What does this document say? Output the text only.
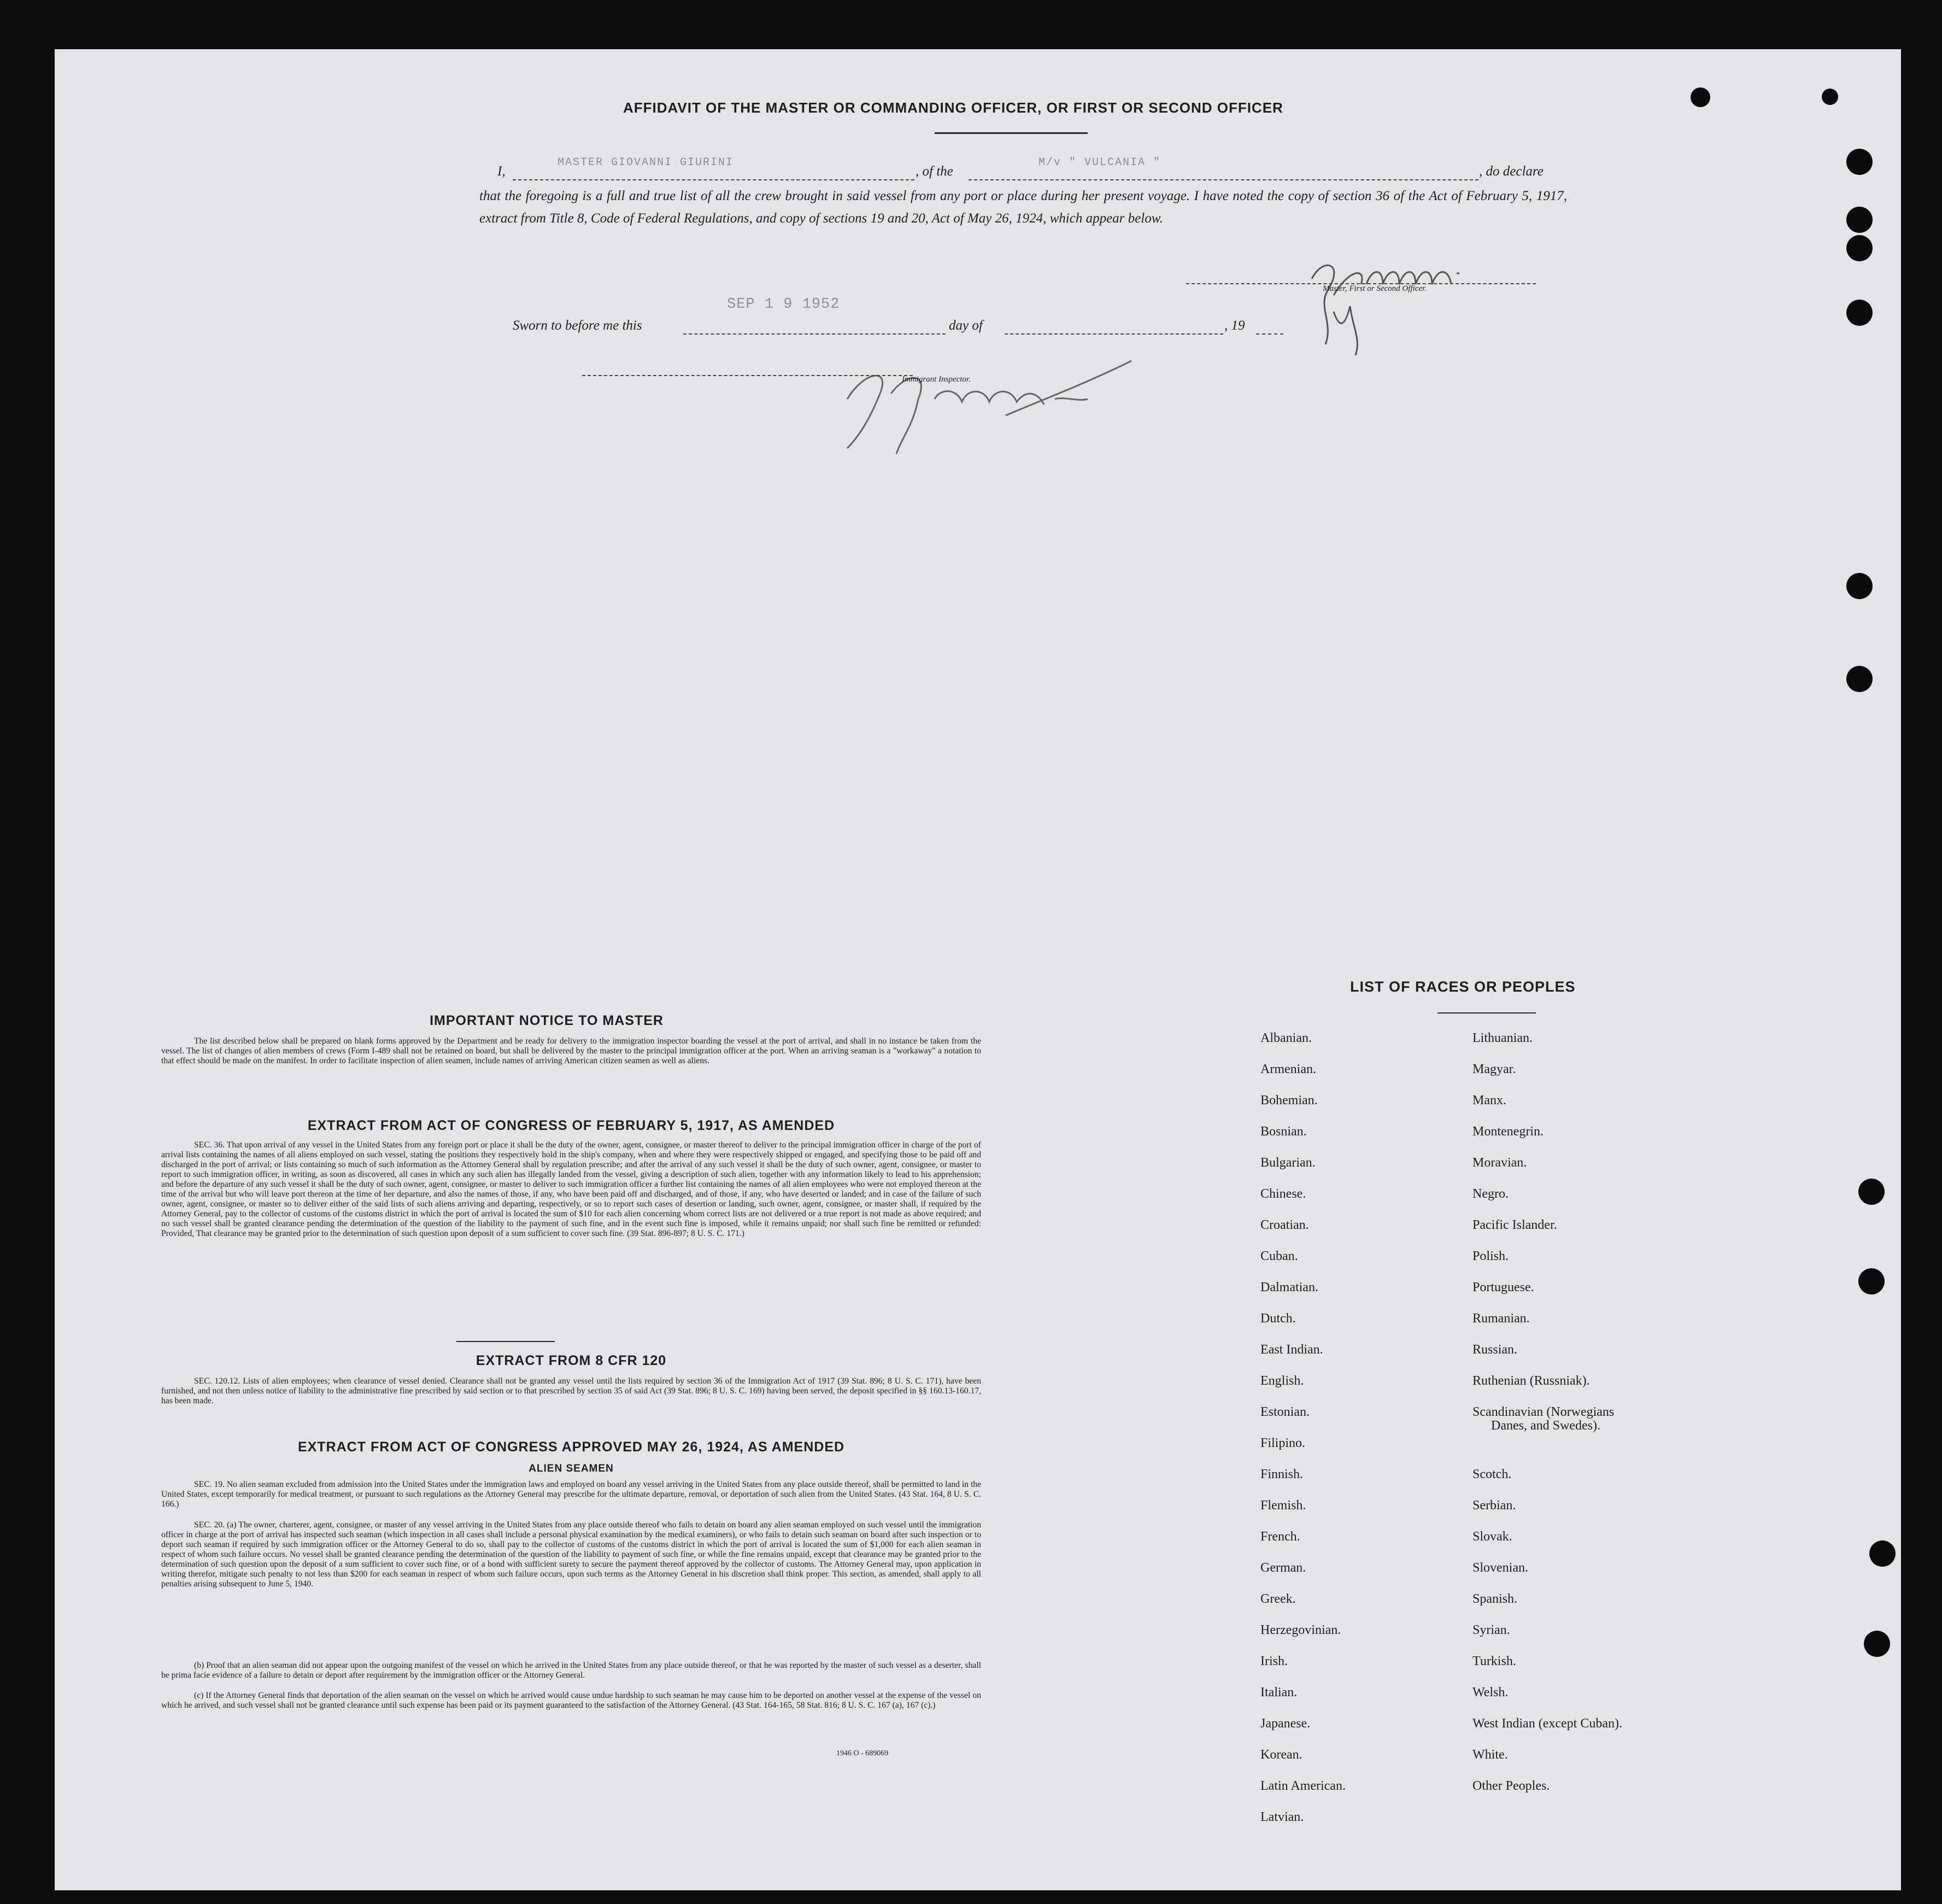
AFFIDAVIT OF THE MASTER OR COMMANDING OFFICER, OR FIRST OR SECOND OFFICER
I,
MASTER GIOVANNI GIURINI
, of the
M/v " VULCANIA "
, do declare
that the foregoing is a full and true list of all the crew brought in said vessel from any port or place during her present voyage. I have noted the copy of section 36 of the Act of February 5, 1917, extract from Title 8, Code of Federal Regulations, and copy of sections 19 and 20, Act of May 26, 1924, which appear below.
Master, First or Second Officer.
Sworn to before me this
SEP 1 9 1952
day of	, 19
Immigrant Inspector.
IMPORTANT NOTICE TO MASTER
The list described below shall be prepared on blank forms approved by the Department and be ready for delivery to the immigration inspector boarding the vessel at the port of arrival, and shall in no instance be taken from the vessel. The list of changes of alien members of crews (Form I-489 shall not be retained on board, but shall be delivered by the master to the principal immigration officer at the port. When an arriving seaman is a "workaway" a notation to that effect should be made on the manifest. In order to facilitate inspection of alien seamen, include names of arriving American citizen seamen as well as aliens.
EXTRACT FROM ACT OF CONGRESS OF FEBRUARY 5, 1917, AS AMENDED
SEC. 36. That upon arrival of any vessel in the United States from any foreign port or place it shall be the duty of the owner, agent, consignee, or master thereof to deliver to the principal immigration officer in charge of the port of arrival lists containing the names of all aliens employed on such vessel, stating the positions they respectively hold in the ship's company, when and where they were respectively shipped or engaged, and specifying those to be paid off and discharged in the port of arrival; or lists containing so much of such information as the Attorney General shall by regulation prescribe; and after the arrival of any such vessel it shall be the duty of such owner, agent, consignee, or master to report to such immigration officer, in writing, as soon as discovered, all cases in which any such alien has illegally landed from the vessel, giving a description of such alien, together with any information likely to lead to his apprehension; and before the departure of any such vessel it shall be the duty of such owner, agent, consignee, or master to deliver to such immigration officer a further list containing the names of all alien employees who were not employed thereon at the time of the arrival but who will leave port thereon at the time of her departure, and also the names of those, if any, who have been paid off and discharged, and of those, if any, who have deserted or landed; and in case of the failure of such owner, agent, consignee, or master so to deliver either of the said lists of such aliens arriving and departing, respectively, or so to report such cases of desertion or landing, such owner, agent, consignee, or master shall, if required by the Attorney General, pay to the collector of customs of the customs district in which the port of arrival is located the sum of $10 for each alien concerning whom correct lists are not delivered or a true report is not made as above required; and no such vessel shall be granted clearance pending the determination of the question of the liability to the payment of such fine, and in the event such fine is imposed, while it remains unpaid; nor shall such fine be remitted or refunded: Provided, That clearance may be granted prior to the determination of such question upon deposit of a sum sufficient to cover such fine. (39 Stat. 896-897; 8 U. S. C. 171.)
EXTRACT FROM 8 CFR 120
SEC. 120.12. Lists of alien employees; when clearance of vessel denied. Clearance shall not be granted any vessel until the lists required by section 36 of the Immigration Act of 1917 (39 Stat. 896; 8 U. S. C. 171), have been furnished, and not then unless notice of liability to the administrative fine prescribed by said section or to that prescribed by section 35 of said Act (39 Stat. 896; 8 U. S. C. 169) having been served, the deposit specified in §§ 160.13-160.17, has been made.
EXTRACT FROM ACT OF CONGRESS APPROVED MAY 26, 1924, AS AMENDED
ALIEN SEAMEN
SEC. 19. No alien seaman excluded from admission into the United States under the immigration laws and employed on board any vessel arriving in the United States from any place outside thereof, shall be permitted to land in the United States, except temporarily for medical treatment, or pursuant to such regulations as the Attorney General may prescribe for the ultimate departure, removal, or deportation of such alien from the United States. (43 Stat. 164, 8 U. S. C. 166.)
SEC. 20. (a) The owner, charterer, agent, consignee, or master of any vessel arriving in the United States from any place outside thereof who fails to detain on board any alien seaman employed on such vessel until the immigration officer in charge at the port of arrival has inspected such seaman (which inspection in all cases shall include a personal physical examination by the medical examiners), or who fails to detain such seaman on board after such inspection or to deport such seaman if required by such immigration officer or the Attorney General to do so, shall pay to the collector of customs of the customs district in which the port of arrival is located the sum of $1,000 for each alien seaman in respect of whom such failure occurs. No vessel shall be granted clearance pending the determination of the question of the liability to payment of such fine, or while the fine remains unpaid, except that clearance may be granted prior to the determination of such question upon the deposit of a sum sufficient to cover such fine, or of a bond with sufficient surety to secure the payment thereof approved by the collector of customs. The Attorney General may, upon application in writing therefor, mitigate such penalty to not less than $200 for each seaman in respect of whom such failure occurs, upon such terms as the Attorney General in his discretion shall think proper. This section, as amended, shall apply to all penalties arising subsequent to June 5, 1940.
(b) Proof that an alien seaman did not appear upon the outgoing manifest of the vessel on which he arrived in the United States from any place outside thereof, or that he was reported by the master of such vessel as a deserter, shall be prima facie evidence of a failure to detain or deport after requirement by the immigration officer or the Attorney General.
(c) If the Attorney General finds that deportation of the alien seaman on the vessel on which he arrived would cause undue hardship to such seaman he may cause him to be deported on another vessel at the expense of the vessel on which he arrived, and such vessel shall not be granted clearance until such expense has been paid or its payment guaranteed to the satisfaction of the Attorney General. (43 Stat. 164-165, 58 Stat. 816; 8 U. S. C. 167 (a), 167 (c).)
1946 O - 689069
LIST OF RACES OR PEOPLES
Albanian.
Armenian.
Bohemian.
Bosnian.
Bulgarian.
Chinese.
Croatian.
Cuban.
Dalmatian.
Dutch.
East Indian.
English.
Estonian.
Filipino.
Finnish.
Flemish.
French.
German.
Greek.
Herzegovinian.
Irish.
Italian.
Japanese.
Korean.
Latin American.
Latvian.
Lithuanian.
Magyar.
Manx.
Montenegrin.
Moravian.
Negro.
Pacific Islander.
Polish.
Portuguese.
Rumanian.
Russian.
Ruthenian (Russniak).
Scandinavian (Norwegians
Danes, and Swedes).
Scotch.
Serbian.
Slovak.
Slovenian.
Spanish.
Syrian.
Turkish.
Welsh.
West Indian (except Cuban).
White.
Other Peoples.
